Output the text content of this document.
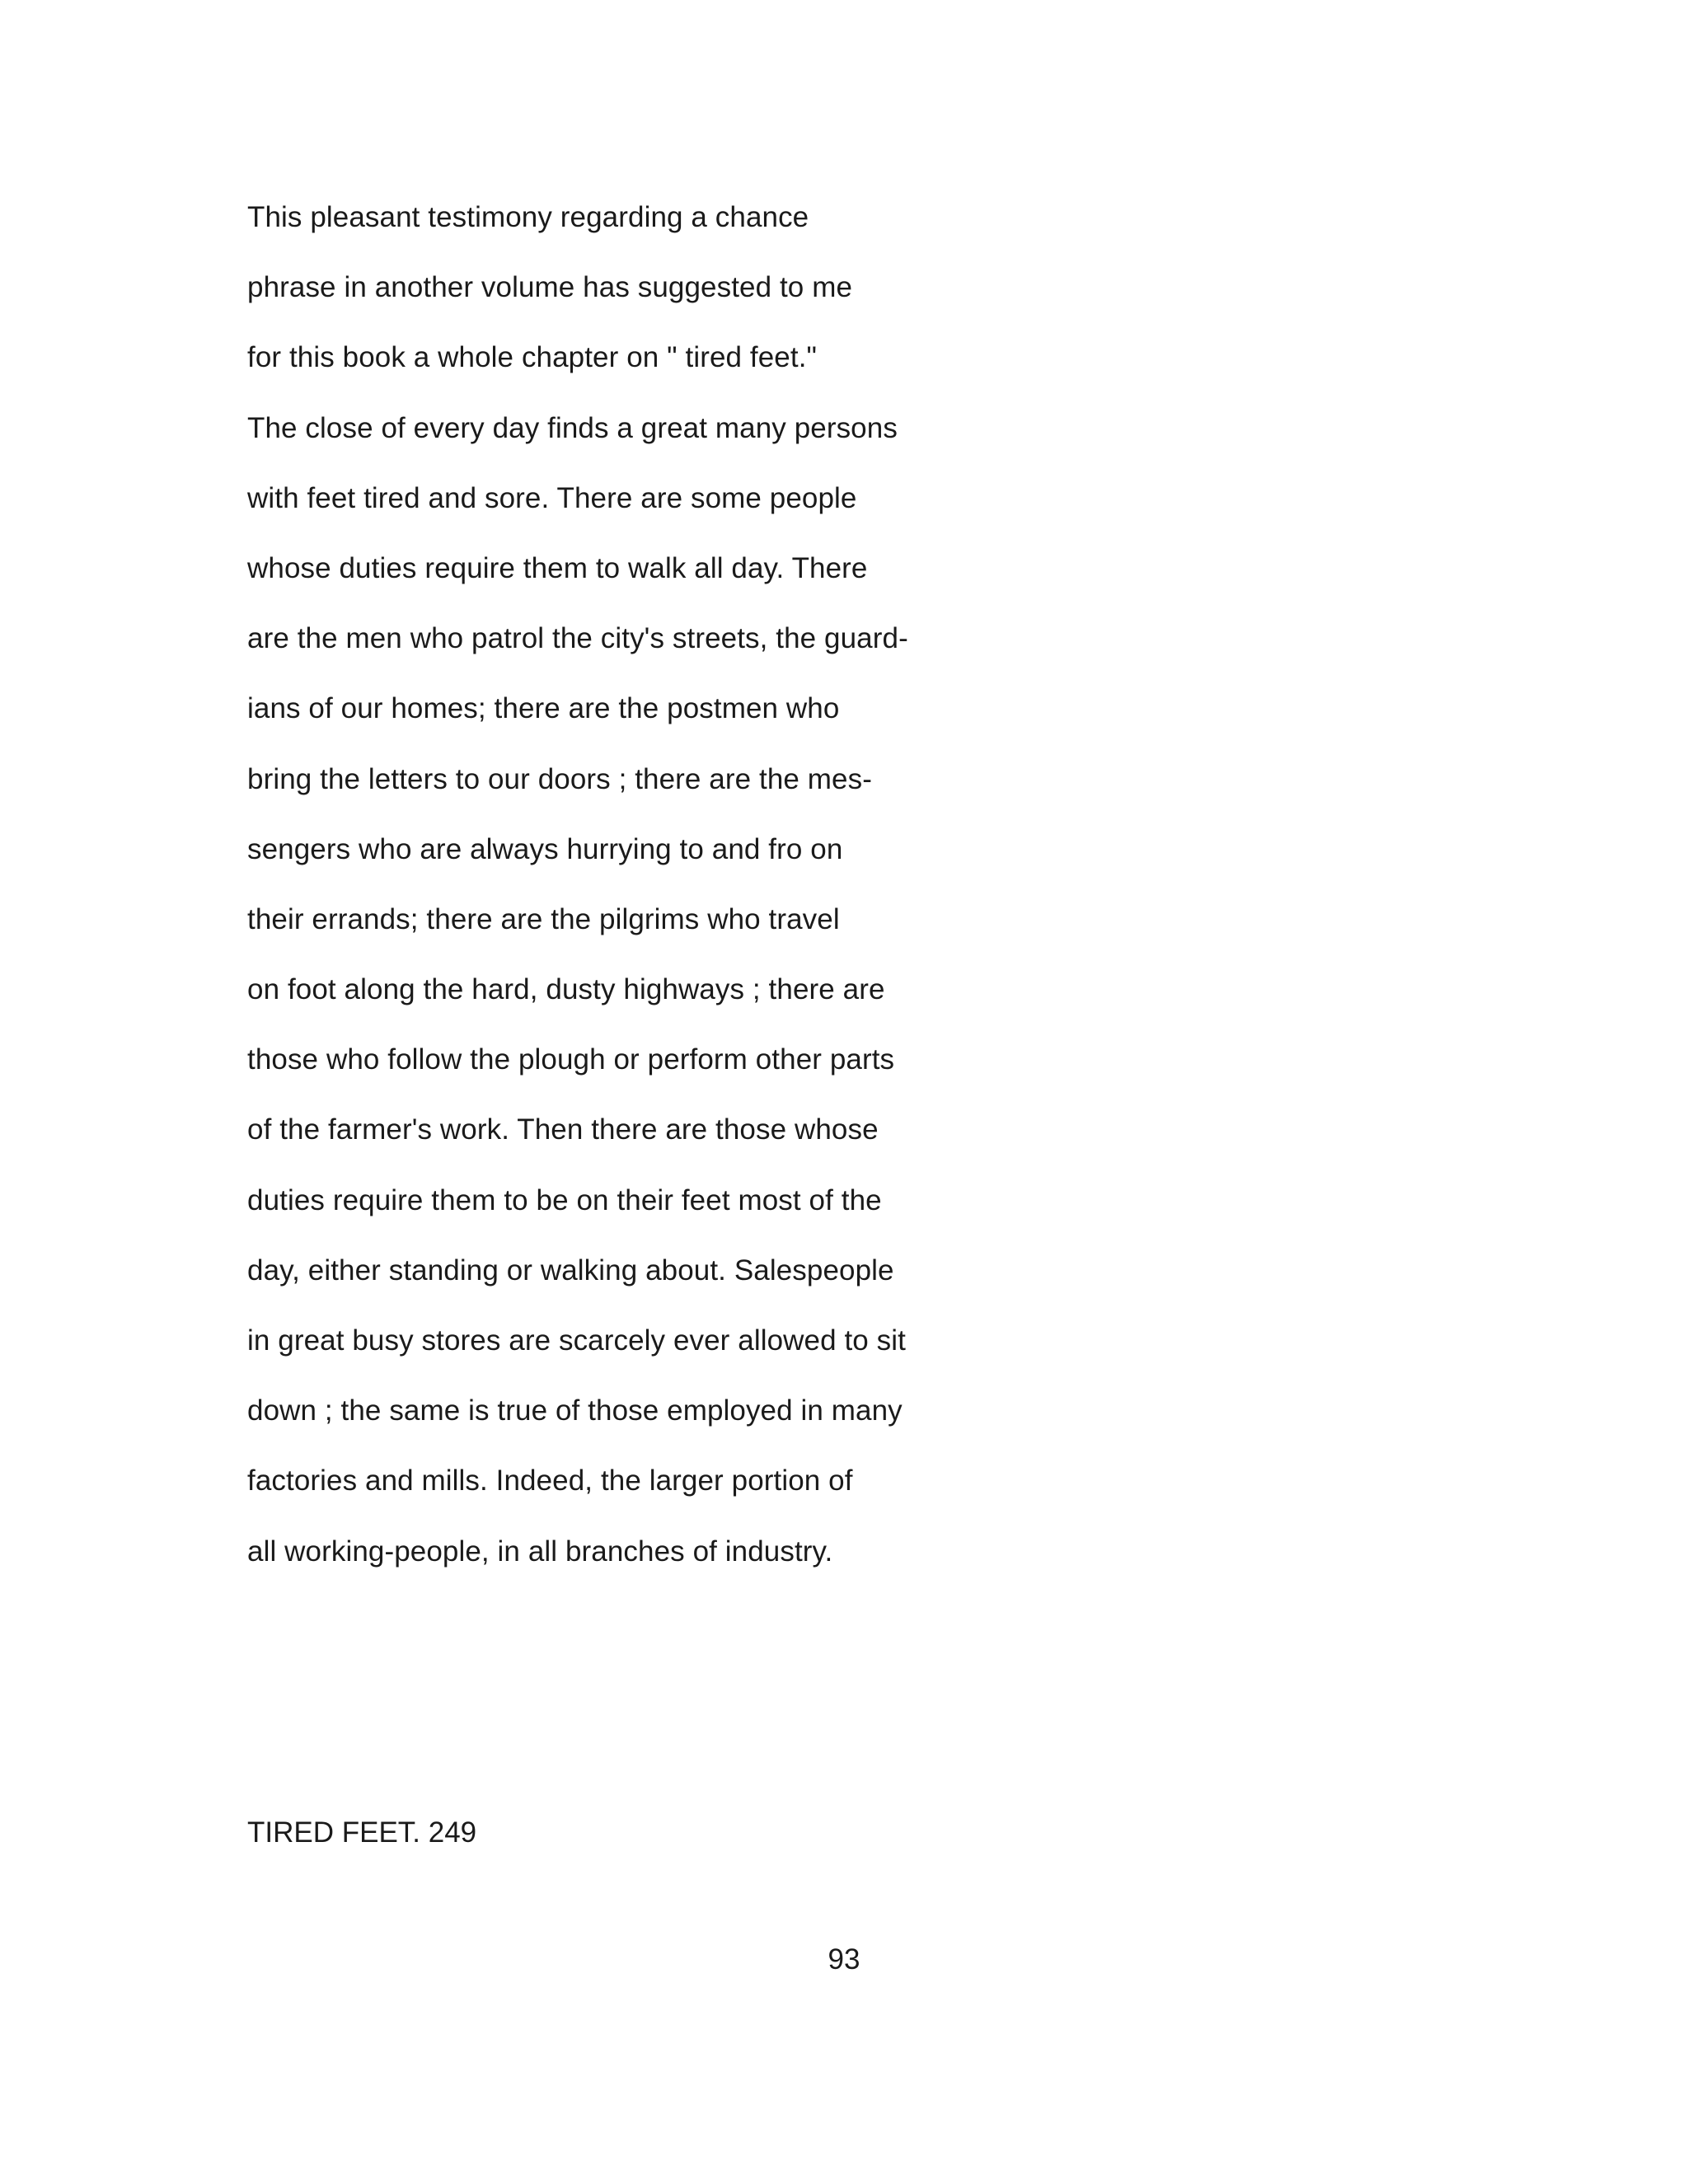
This pleasant testimony regarding a chance
phrase in another volume has suggested to me
for this book a whole chapter on " tired feet."
The close of every day finds a great many persons
with feet tired and sore. There are some people
whose duties require them to walk all day. There
are the men who patrol the city's streets, the guard-
ians of our homes; there are the postmen who
bring the letters to our doors ; there are the mes-
sengers who are always hurrying to and fro on
their errands; there are the pilgrims who travel
on foot along the hard, dusty highways ; there are
those who follow the plough or perform other parts
of the farmer's work. Then there are those whose
duties require them to be on their feet most of the
day, either standing or walking about. Salespeople
in great busy stores are scarcely ever allowed to sit
down ; the same is true of those employed in many
factories and mills. Indeed, the larger portion of
all working-people, in all branches of industry.
TIRED FEET. 249
93
